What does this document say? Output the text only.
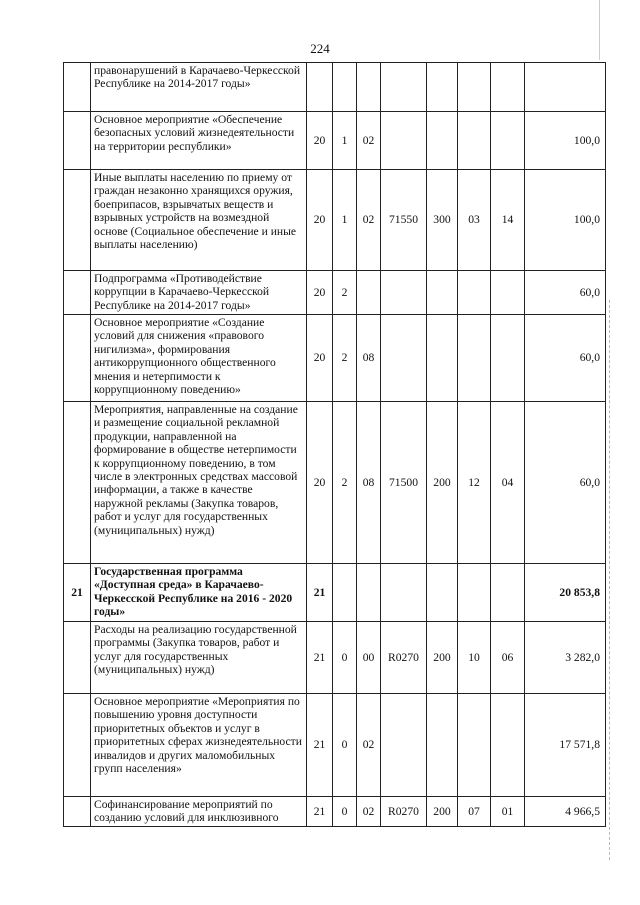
224
	правонарушений в Карачаево-Черкесской Республике на 2014-2017 годы»								
	Основное мероприятие «Обеспечение безопасных условий жизнедеятельности на территории республики»	20	1	02					100,0
	Иные выплаты населению по приему от граждан незаконно хранящихся оружия, боеприпасов, взрывчатых веществ и взрывных устройств на возмездной основе (Социальное обеспечение и иные выплаты населению)	20	1	02	71550	300	03	14	100,0
	Подпрограмма «Противодействие коррупции в Карачаево-Черкесской Республике на 2014-2017 годы»	20	2						60,0
	Основное мероприятие «Создание условий для снижения «правового нигилизма», формирования антикоррупционного общественного мнения и нетерпимости к коррупционному поведению»	20	2	08					60,0
	Мероприятия, направленные на создание и размещение социальной рекламной продукции, направленной на формирование в обществе нетерпимости к коррупционному поведению, в том числе в электронных средствах массовой информации, а также в качестве наружной рекламы (Закупка товаров, работ и услуг для государственных (муниципальных) нужд)	20	2	08	71500	200	12	04	60,0
21	Государственная программа «Доступная среда» в Карачаево-Черкесской Республике на 2016 - 2020 годы»	21							20 853,8
	Расходы на реализацию государственной программы (Закупка товаров, работ и услуг для государственных (муниципальных) нужд)	21	0	00	R0270	200	10	06	3 282,0
	Основное мероприятие «Мероприятия по повышению уровня доступности приоритетных объектов и услуг в приоритетных сферах жизнедеятельности инвалидов и других маломобильных групп населения»	21	0	02					17 571,8
	Софинансирование мероприятий по созданию условий для инклюзивного	21	0	02	R0270	200	07	01	4 966,5
